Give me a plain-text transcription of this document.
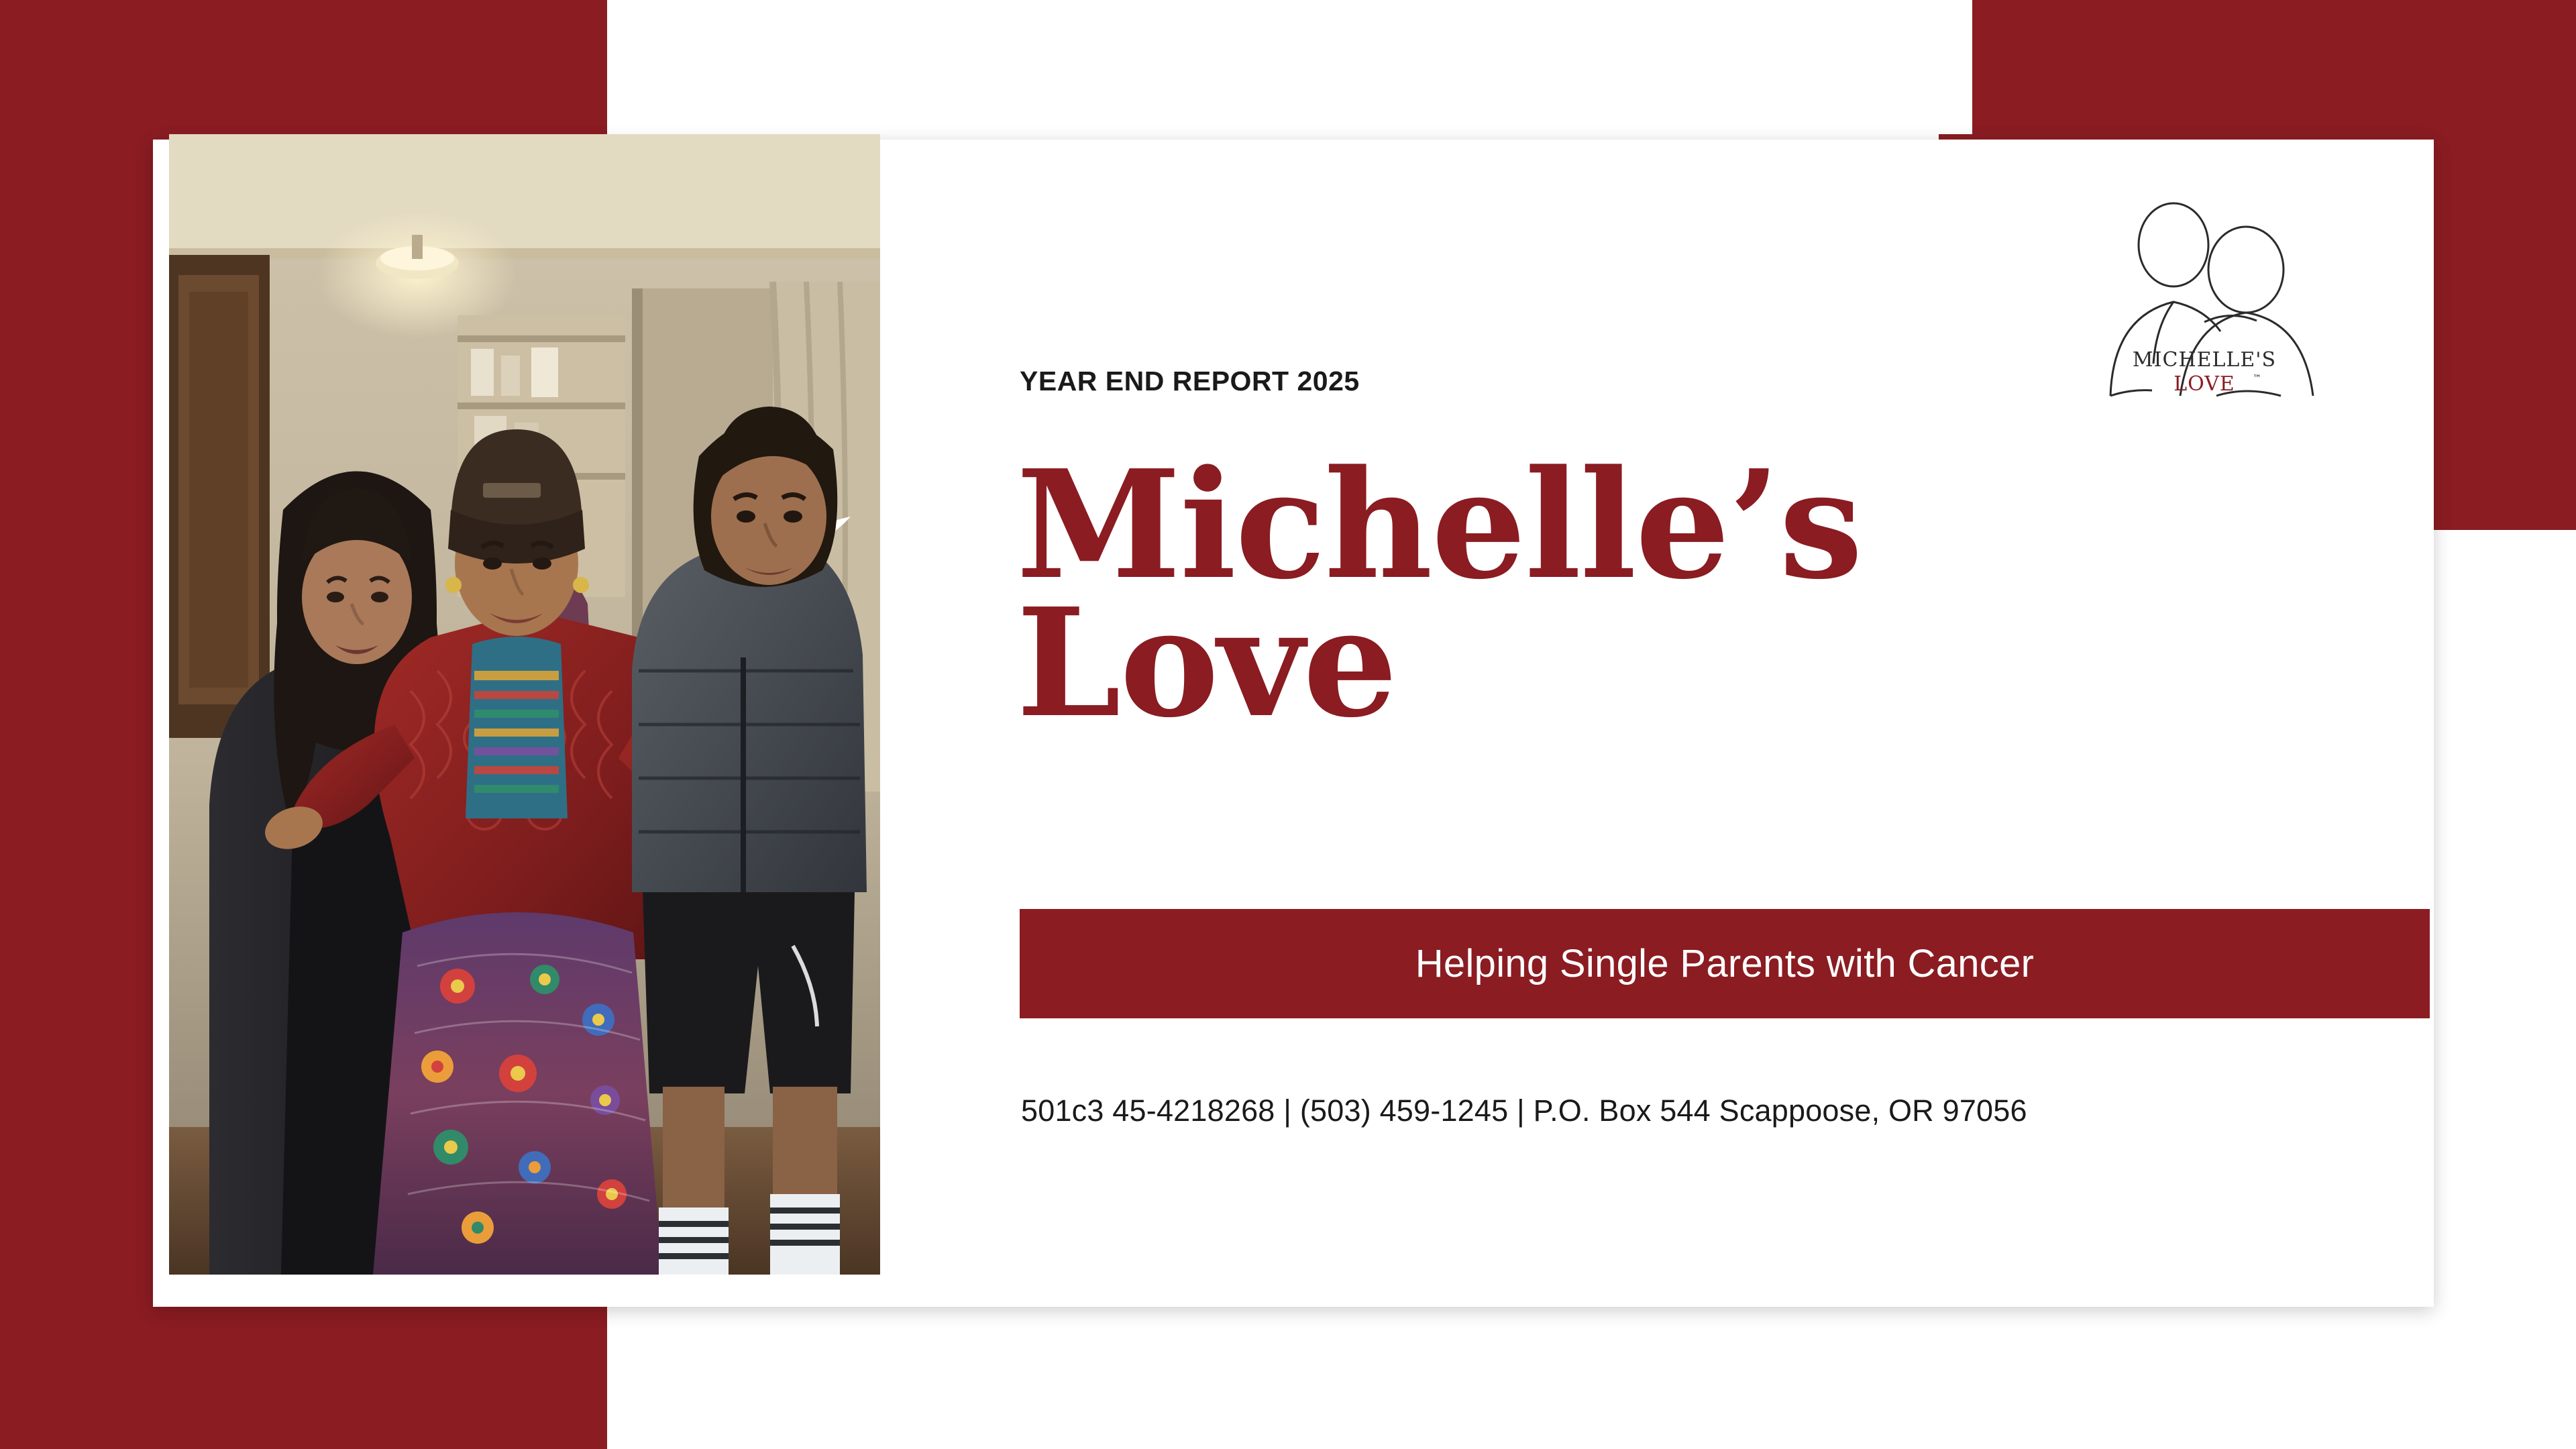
YEAR END REPORT 2025
Michelle’s
Love
Helping Single Parents with Cancer
501c3 45-4218268 | (503) 459-1245 | P.O. Box 544 Scappoose, OR 97056
MICHELLE'S
LOVE ™
